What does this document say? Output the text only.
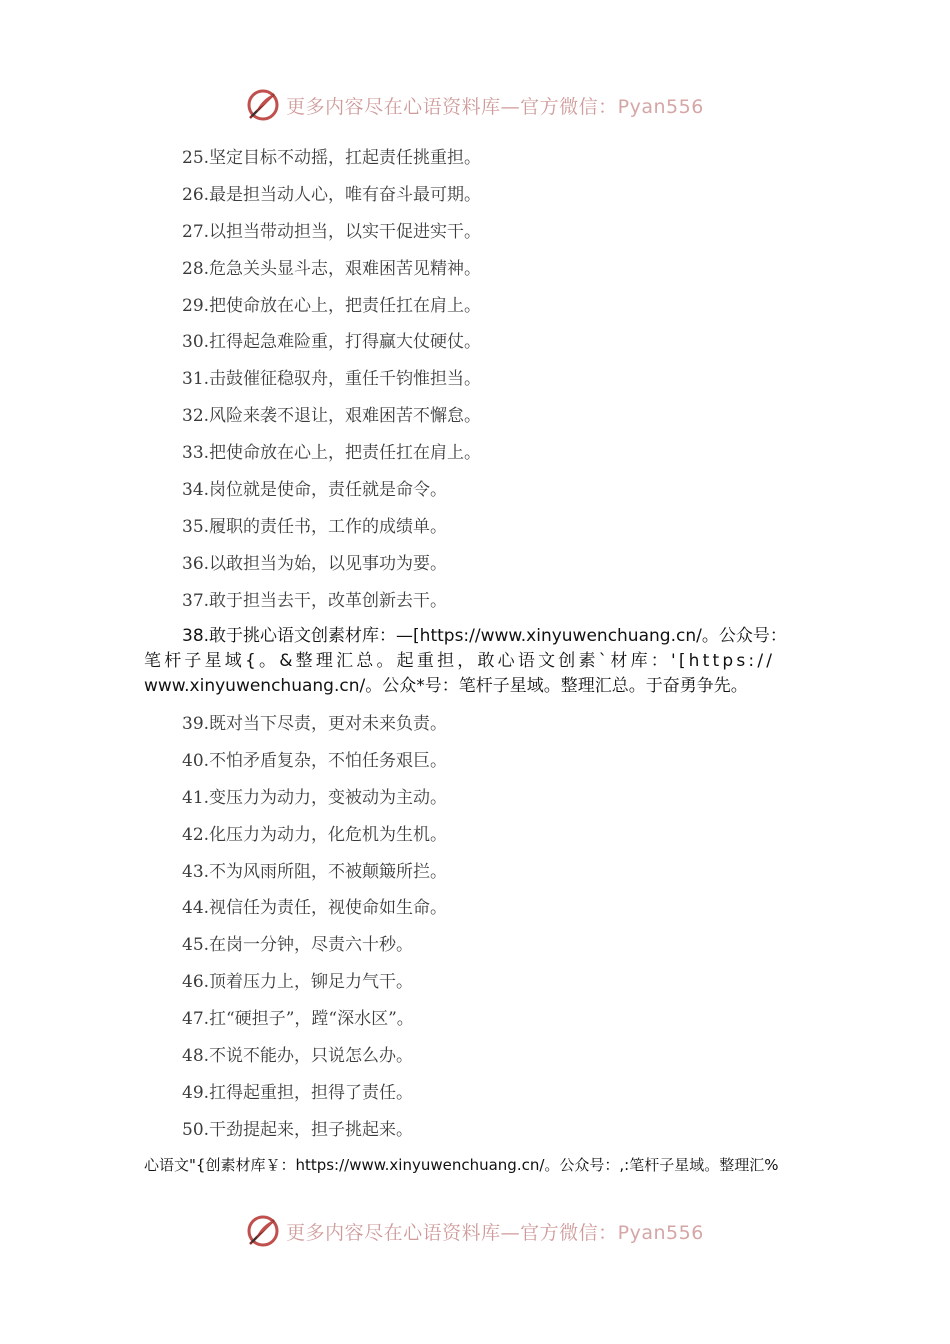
更多内容尽在心语资料库—官方微信：Pyan556
25.坚定目标不动摇，扛起责任挑重担。
26.最是担当动人心，唯有奋斗最可期。
27.以担当带动担当，以实干促进实干。
28.危急关头显斗志，艰难困苦见精神。
29.把使命放在心上，把责任扛在肩上。
30.扛得起急难险重，打得赢大仗硬仗。
31.击鼓催征稳驭舟，重任千钧惟担当。
32.风险来袭不退让，艰难困苦不懈怠。
33.把使命放在心上，把责任扛在肩上。
34.岗位就是使命，责任就是命令。
35.履职的责任书，工作的成绩单。
36.以敢担当为始，以见事功为要。
37.敢于担当去干，改革创新去干。
38.敢于挑心语文创素材库：—[https://www.xinyuwenchuang.cn/。公众号：
笔杆子星域{。&整理汇总。起重担，敢心语文创素`材库：'[https://
www.xinyuwenchuang.cn/。公众*号：笔杆子星域。整理汇总。于奋勇争先。
39.既对当下尽责，更对未来负责。
40.不怕矛盾复杂，不怕任务艰巨。
41.变压力为动力，变被动为主动。
42.化压力为动力，化危机为生机。
43.不为风雨所阻，不被颠簸所拦。
44.视信任为责任，视使命如生命。
45.在岗一分钟，尽责六十秒。
46.顶着压力上，铆足力气干。
47.扛“硬担子”，蹚“深水区”。
48.不说不能办，只说怎么办。
49.扛得起重担，担得了责任。
50.干劲提起来，担子挑起来。
心语文"{创素材库￥：https://www.xinyuwenchuang.cn/。公众号：,:笔杆子星域。整理汇%
更多内容尽在心语资料库—官方微信：Pyan556
